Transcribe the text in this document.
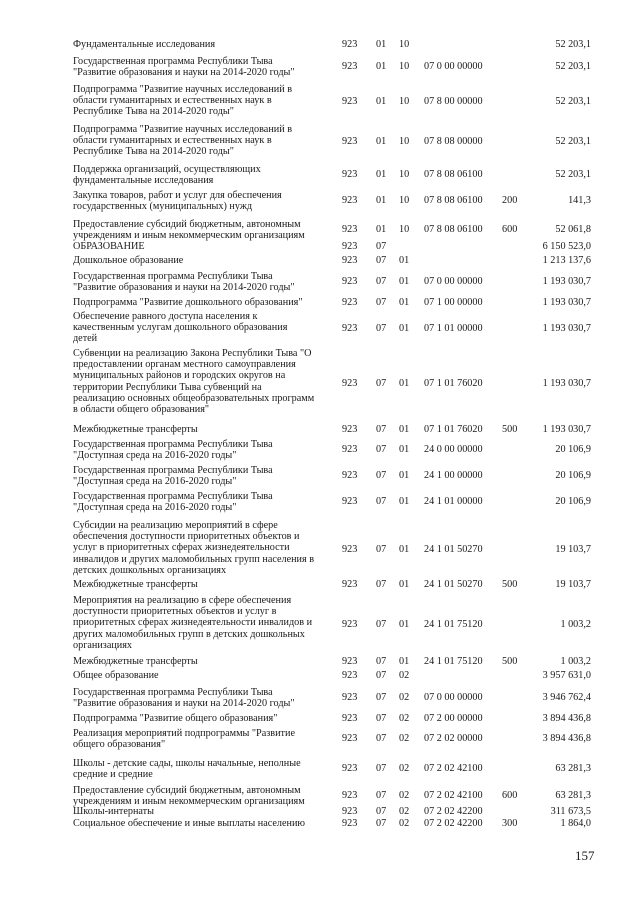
Фундаментальные исследования	923	01	10	52 203,1
Государственная программа Республики Тыва
"Развитие образования и науки на 2014-2020 годы"
923	01	10	07 0 00 00000	52 203,1
Подпрограмма "Развитие научных исследований в
области гуманитарных и естественных наук в
Республике Тыва на 2014-2020 годы"
923	01	10	07 8 00 00000	52 203,1
Подпрограмма "Развитие научных исследований в
области гуманитарных и естественных наук в
Республике Тыва на 2014-2020 годы"
923	01	10	07 8 08 00000	52 203,1
Поддержка организаций, осуществляющих
фундаментальные исследования
923	01	10	07 8 08 06100	52 203,1
Закупка товаров, работ и услуг для обеспечения
государственных (муниципальных) нужд
923	01	10	07 8 08 06100	200	141,3
Предоставление субсидий бюджетным, автономным
учреждениям и иным некоммерческим организациям
923	01	10	07 8 08 06100	600	52 061,8
ОБРАЗОВАНИЕ	923	07	6 150 523,0
Дошкольное образование	923	07	01	1 213 137,6
Государственная программа Республики Тыва
"Развитие образования и науки на 2014-2020 годы"
923	07	01	07 0 00 00000	1 193 030,7
Подпрограмма "Развитие дошкольного образования"	923	07	01	07 1 00 00000	1 193 030,7
Обеспечение равного доступа населения к
качественным услугам дошкольного образования
детей
923	07	01	07 1 01 00000	1 193 030,7
Субвенции на реализацию Закона Республики Тыва "О
предоставлении органам местного самоуправления
муниципальных районов и городских округов на
территории Республики Тыва субвенций на
реализацию основных общеобразовательных программ
в области общего образования"
923	07	01	07 1 01 76020	1 193 030,7
Межбюджетные трансферты	923	07	01	07 1 01 76020	500	1 193 030,7
Государственная программа Республики Тыва
"Доступная среда на 2016-2020 годы"
923	07	01	24 0 00 00000	20 106,9
Государственная программа Республики Тыва
"Доступная среда на 2016-2020 годы"
923	07	01	24 1 00 00000	20 106,9
Государственная программа Республики Тыва
"Доступная среда на 2016-2020 годы"
923	07	01	24 1 01 00000	20 106,9
Субсидии на реализацию мероприятий в сфере
обеспечения доступности приоритетных объектов и
услуг в приоритетных сферах жизнедеятельности
инвалидов и других маломобильных групп населения в
детских дошкольных организациях
923	07	01	24 1 01 50270	19 103,7
Межбюджетные трансферты	923	07	01	24 1 01 50270	500	19 103,7
Мероприятия на реализацию в сфере обеспечения
доступности приоритетных объектов и услуг в
приоритетных сферах жизнедеятельности инвалидов и
других маломобильных групп в детских дошкольных
организациях
923	07	01	24 1 01 75120	1 003,2
Межбюджетные трансферты	923	07	01	24 1 01 75120	500	1 003,2
Общее образование	923	07	02	3 957 631,0
Государственная программа Республики Тыва
"Развитие образования и науки на 2014-2020 годы"
923	07	02	07 0 00 00000	3 946 762,4
Подпрограмма "Развитие общего образования"	923	07	02	07 2 00 00000	3 894 436,8
Реализация мероприятий подпрограммы "Развитие
общего образования"
923	07	02	07 2 02 00000	3 894 436,8
Школы - детские сады, школы начальные, неполные
средние и средние
923	07	02	07 2 02 42100	63 281,3
Предоставление субсидий бюджетным, автономным
учреждениям и иным некоммерческим организациям
923	07	02	07 2 02 42100	600	63 281,3
Школы-интернаты	923	07	02	07 2 02 42200	311 673,5
Социальное обеспечение и иные выплаты населению	923	07	02	07 2 02 42200	300	1 864,0
157
